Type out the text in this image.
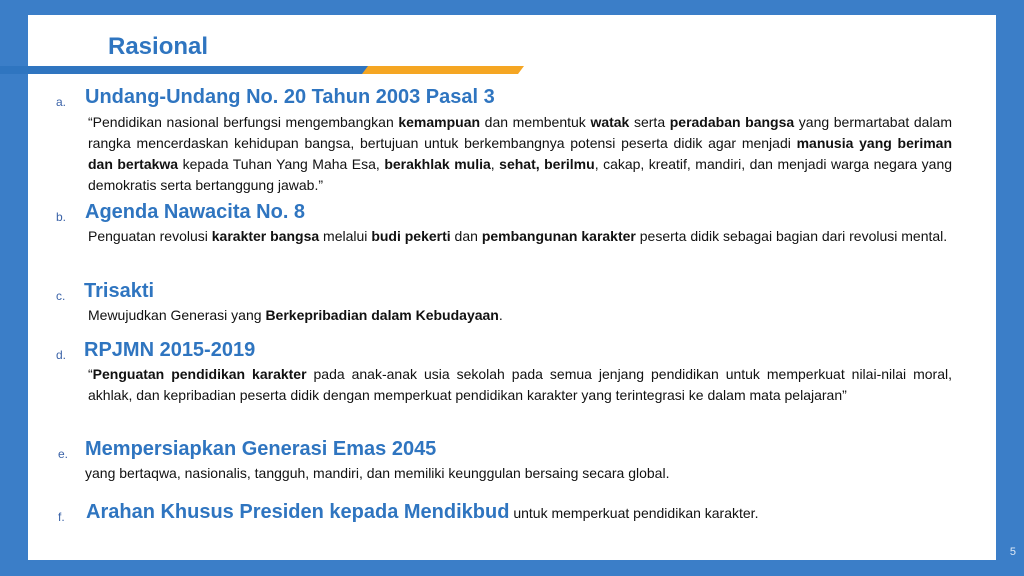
Rasional
a. Undang-Undang No. 20 Tahun 2003 Pasal 3
“Pendidikan nasional berfungsi mengembangkan kemampuan dan membentuk watak serta peradaban bangsa yang bermartabat dalam rangka mencerdaskan kehidupan bangsa, bertujuan untuk berkembangnya potensi peserta didik agar menjadi manusia yang beriman dan bertakwa kepada Tuhan Yang Maha Esa, berakhlak mulia, sehat, berilmu, cakap, kreatif, mandiri, dan menjadi warga negara yang demokratis serta bertanggung jawab.”
b. Agenda Nawacita No. 8
Penguatan revolusi karakter bangsa melalui budi pekerti dan pembangunan karakter peserta didik sebagai bagian dari revolusi mental.
c. Trisakti
Mewujudkan Generasi yang Berkepribadian dalam Kebudayaan.
d. RPJMN 2015-2019
“Penguatan pendidikan karakter pada anak-anak usia sekolah pada semua jenjang pendidikan untuk memperkuat nilai-nilai moral, akhlak, dan kepribadian peserta didik dengan memperkuat pendidikan karakter yang terintegrasi ke dalam mata pelajaran”
e. Mempersiapkan Generasi Emas 2045
yang bertaqwa, nasionalis, tangguh, mandiri, dan memiliki keunggulan bersaing secara global.
f. Arahan Khusus Presiden kepada Mendikbud untuk memperkuat pendidikan karakter.
5
